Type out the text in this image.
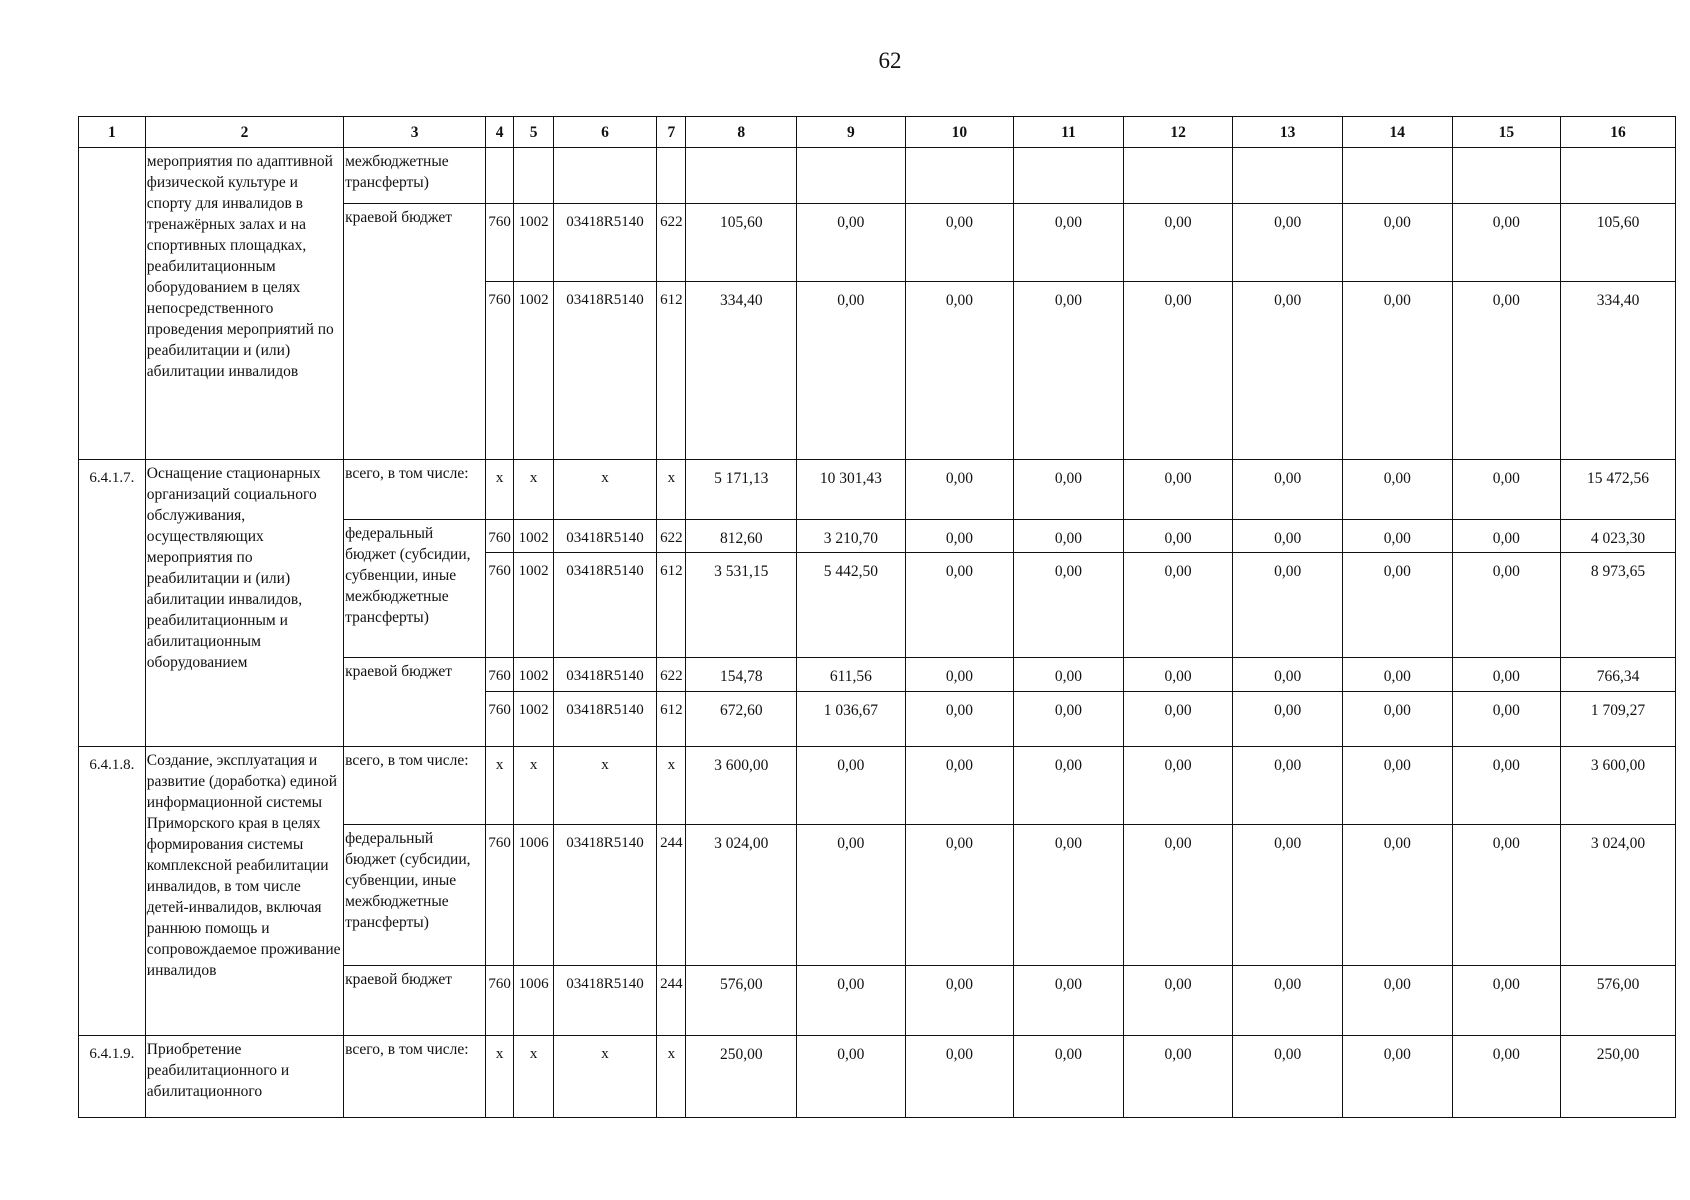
62
1	2	3	4	5	6	7	8	9	10	11	12	13	14	15	16
	мероприятия по адаптивной физической культуре и спорту для инвалидов в тренажёрных залах и на спортивных площадках, реабилитационным оборудованием в целях непосредственного проведения мероприятий по реабилитации и (или) абилитации инвалидов	межбюджетные трансферты)													
		краевой бюджет	760	1002	03418R5140	622	105,60	0,00	0,00	0,00	0,00	0,00	0,00	0,00	105,60
			760	1002	03418R5140	612	334,40	0,00	0,00	0,00	0,00	0,00	0,00	0,00	334,40
6.4.1.7.	Оснащение стационарных организаций социального обслуживания, осуществляющих мероприятия по реабилитации и (или) абилитации инвалидов, реабилитационным и абилитационным оборудованием	всего, в том числе:	х	х	х	х	5 171,13	10 301,43	0,00	0,00	0,00	0,00	0,00	0,00	15 472,56
		федеральный бюджет (субсидии, субвенции, иные межбюджетные трансферты)	760	1002	03418R5140	622	812,60	3 210,70	0,00	0,00	0,00	0,00	0,00	0,00	4 023,30
			760	1002	03418R5140	612	3 531,15	5 442,50	0,00	0,00	0,00	0,00	0,00	0,00	8 973,65
		краевой бюджет	760	1002	03418R5140	622	154,78	611,56	0,00	0,00	0,00	0,00	0,00	0,00	766,34
			760	1002	03418R5140	612	672,60	1 036,67	0,00	0,00	0,00	0,00	0,00	0,00	1 709,27
6.4.1.8.	Создание, эксплуатация и развитие (доработка) единой информационной системы Приморского края в целях формирования системы комплексной реабилитации инвалидов, в том числе детей-инвалидов, включая раннюю помощь и сопровождаемое проживание инвалидов	всего, в том числе:	х	х	х	х	3 600,00	0,00	0,00	0,00	0,00	0,00	0,00	0,00	3 600,00
		федеральный бюджет (субсидии, субвенции, иные межбюджетные трансферты)	760	1006	03418R5140	244	3 024,00	0,00	0,00	0,00	0,00	0,00	0,00	0,00	3 024,00
		краевой бюджет	760	1006	03418R5140	244	576,00	0,00	0,00	0,00	0,00	0,00	0,00	0,00	576,00
6.4.1.9.	Приобретение реабилитационного и абилитационного	всего, в том числе:	х	х	х	х	250,00	0,00	0,00	0,00	0,00	0,00	0,00	0,00	250,00
